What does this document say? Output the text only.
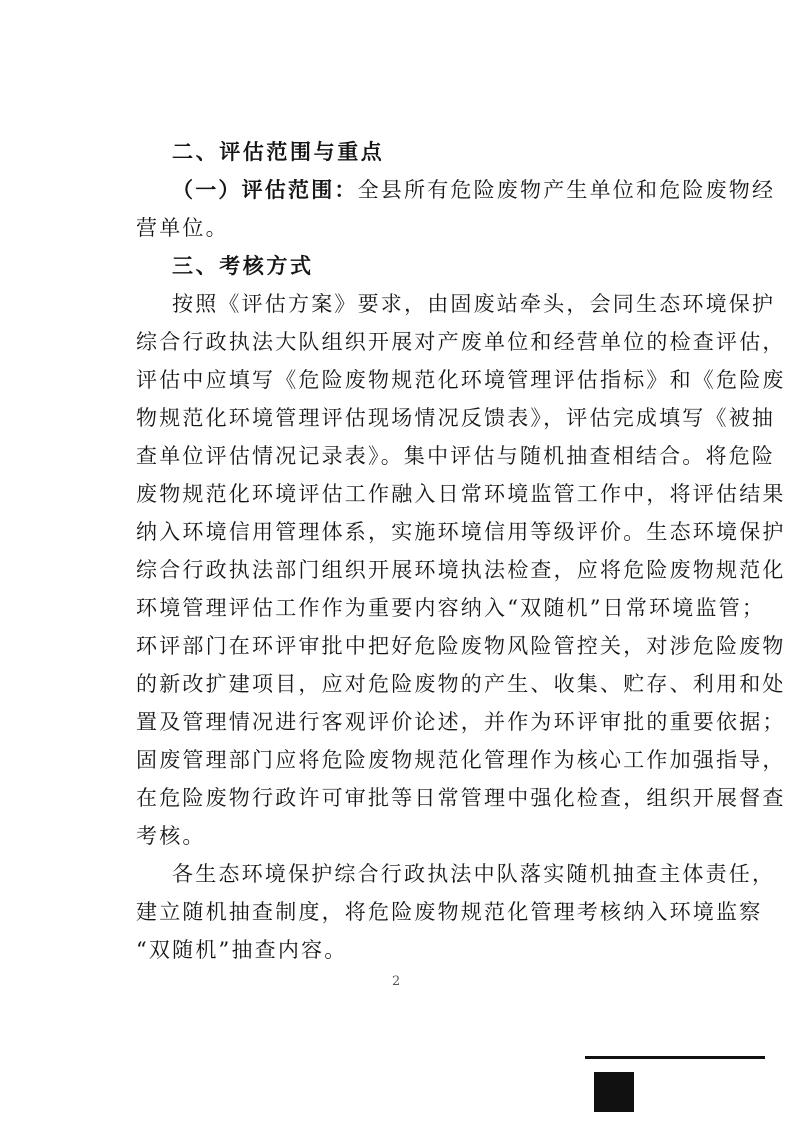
二、评估范围与重点
（一）评估范围：全县所有危险废物产生单位和危险废物经
营单位。
三、考核方式
按照《评估方案》要求，由固废站牵头，会同生态环境保护
综合行政执法大队组织开展对产废单位和经营单位的检查评估，
评估中应填写《危险废物规范化环境管理评估指标》和《危险废
物规范化环境管理评估现场情况反馈表》，评估完成填写《被抽
查单位评估情况记录表》。集中评估与随机抽查相结合。将危险
废物规范化环境评估工作融入日常环境监管工作中，将评估结果
纳入环境信用管理体系，实施环境信用等级评价。生态环境保护
综合行政执法部门组织开展环境执法检查，应将危险废物规范化
环境管理评估工作作为重要内容纳入“双随机”日常环境监管；
环评部门在环评审批中把好危险废物风险管控关，对涉危险废物
的新改扩建项目，应对危险废物的产生、收集、贮存、利用和处
置及管理情况进行客观评价论述，并作为环评审批的重要依据；
固废管理部门应将危险废物规范化管理作为核心工作加强指导，
在危险废物行政许可审批等日常管理中强化检查，组织开展督查
考核。
各生态环境保护综合行政执法中队落实随机抽查主体责任，
建立随机抽查制度，将危险废物规范化管理考核纳入环境监察
“双随机”抽查内容。
2
